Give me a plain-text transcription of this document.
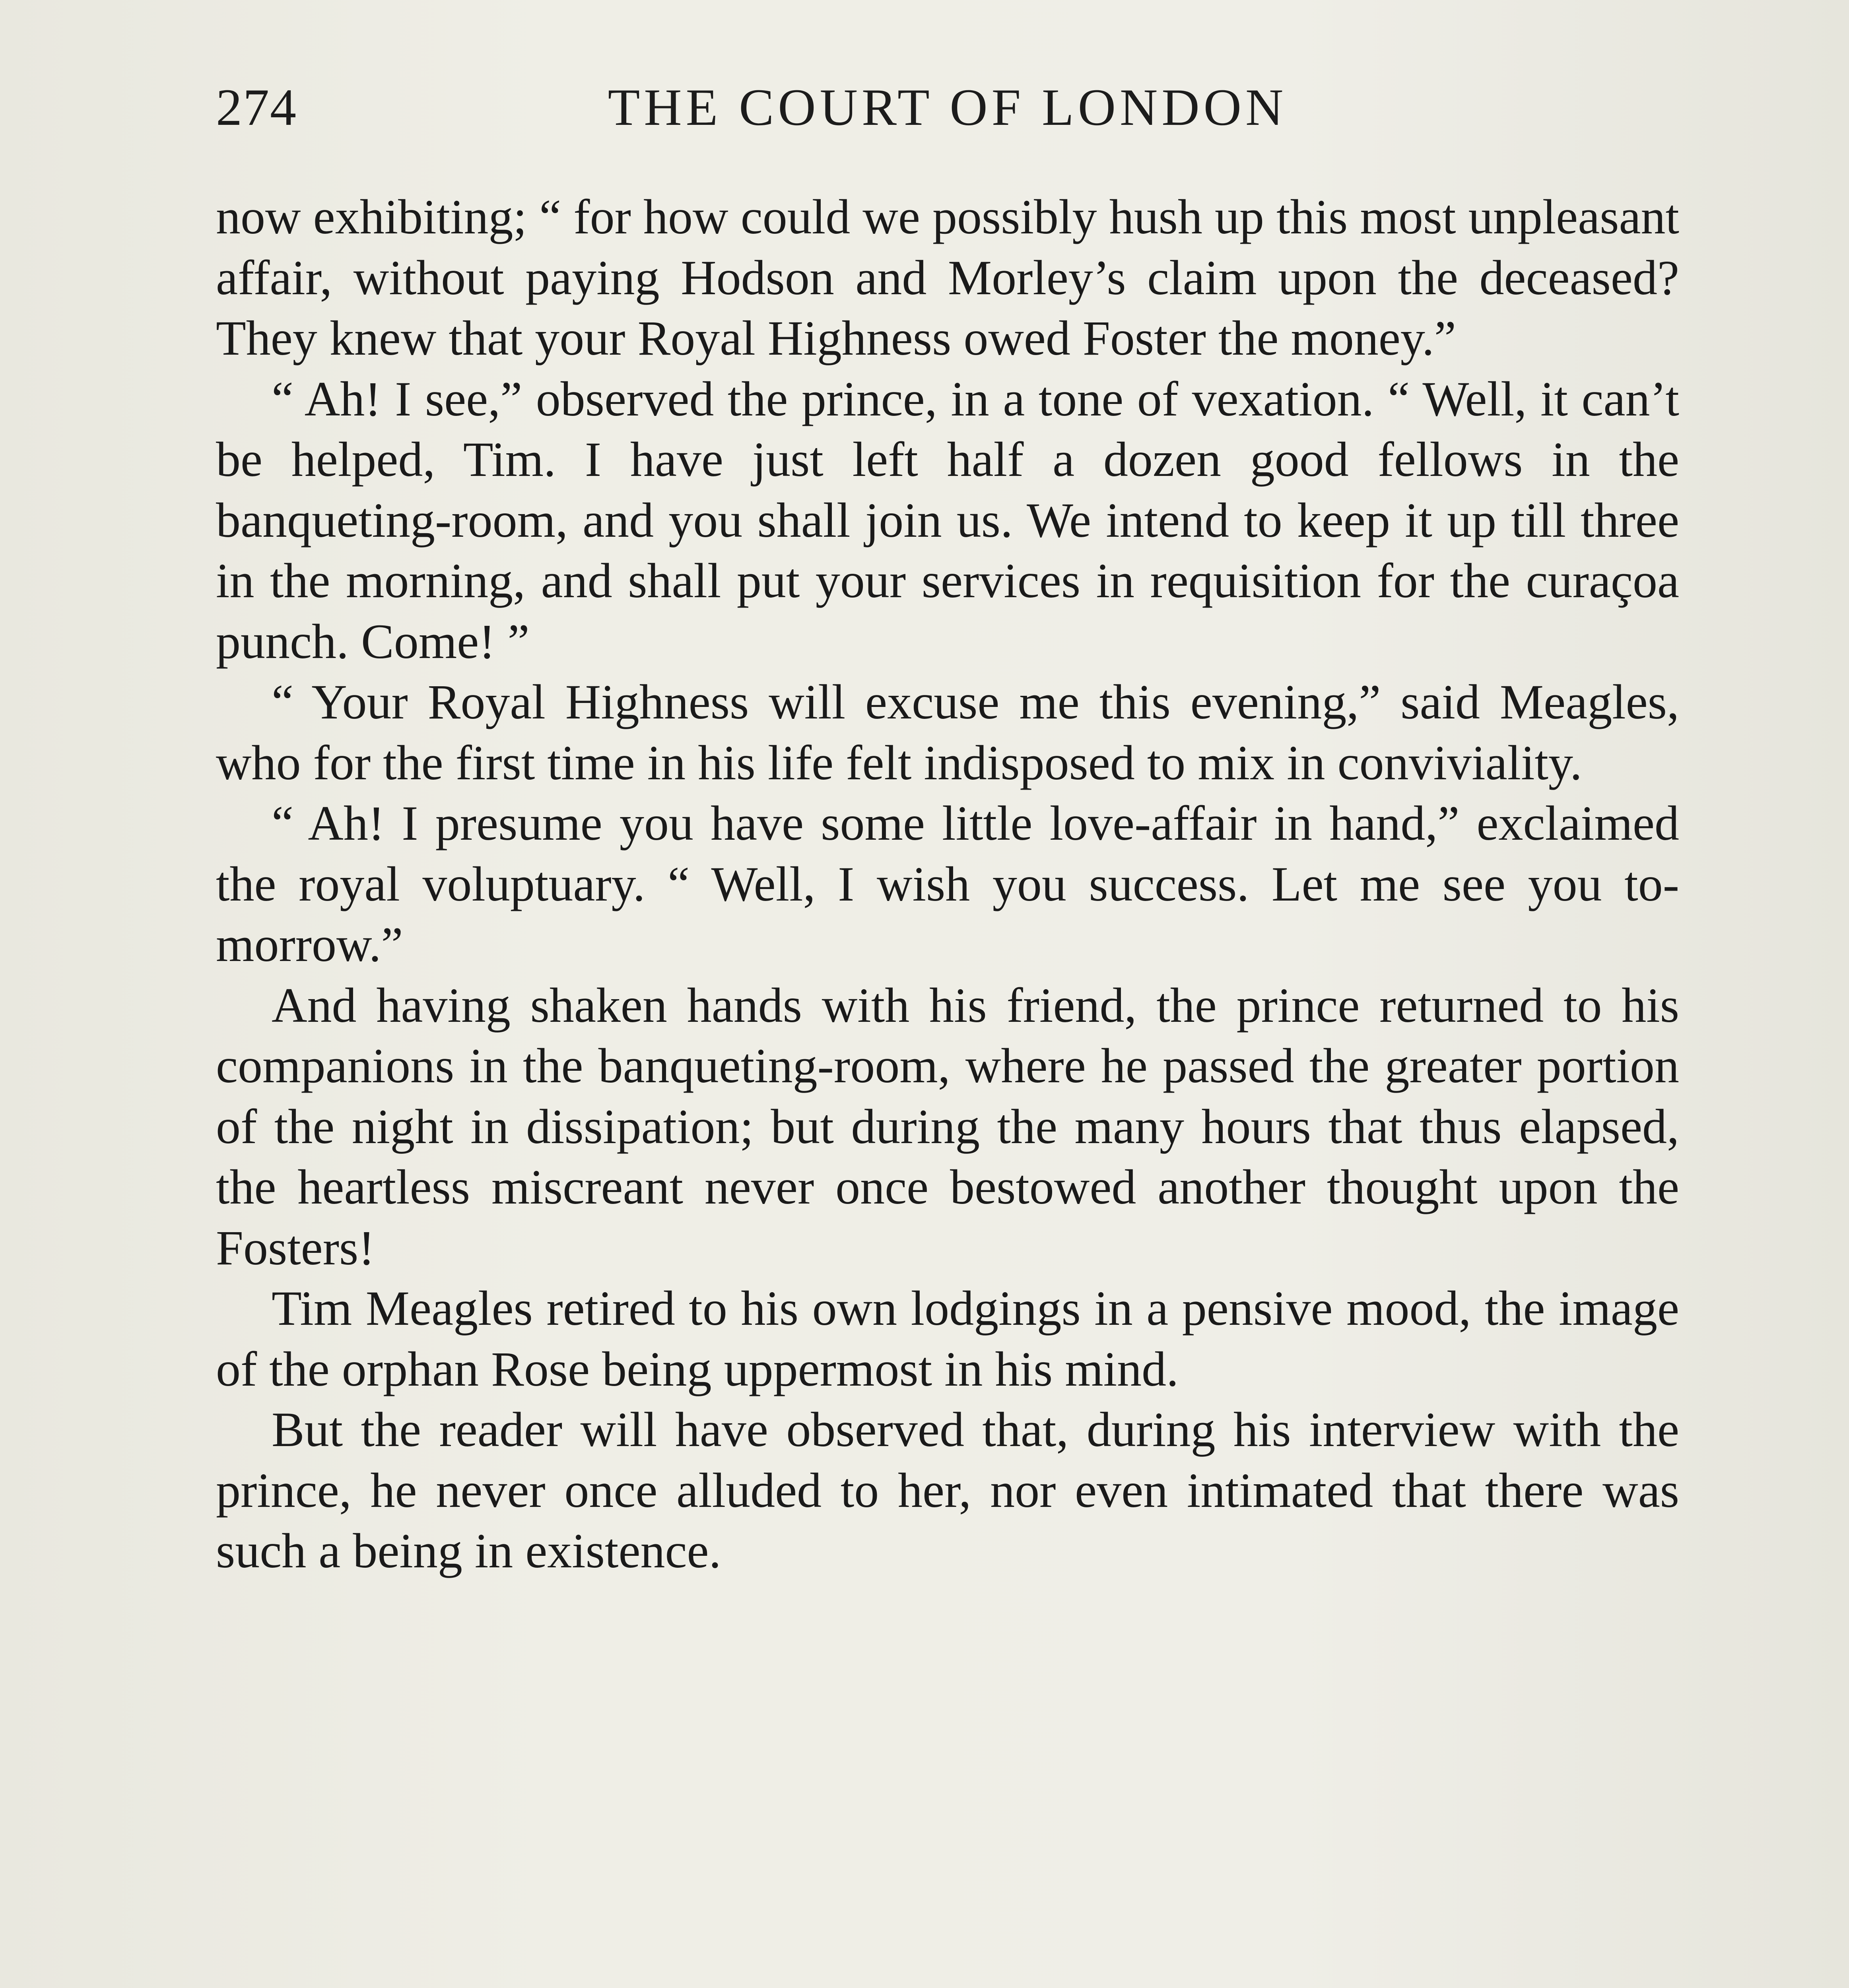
274	THE COURT OF LONDON

now exhibiting; “ for how could we possibly hush up this most unpleasant affair, without paying Hodson and Morley’s claim upon the deceased? They knew that your Royal Highness owed Foster the money.”

“ Ah! I see,” observed the prince, in a tone of vexation. “ Well, it can’t be helped, Tim. I have just left half a dozen good fellows in the banqueting-room, and you shall join us. We intend to keep it up till three in the morning, and shall put your services in requisition for the curaçoa punch. Come! ”

“ Your Royal Highness will excuse me this evening,” said Meagles, who for the first time in his life felt indisposed to mix in conviviality.

“ Ah! I presume you have some little love-affair in hand,” exclaimed the royal voluptuary. “ Well, I wish you success. Let me see you to-morrow.”

And having shaken hands with his friend, the prince returned to his companions in the banqueting-room, where he passed the greater portion of the night in dissipation; but during the many hours that thus elapsed, the heartless miscreant never once bestowed another thought upon the Fosters!

Tim Meagles retired to his own lodgings in a pensive mood, the image of the orphan Rose being uppermost in his mind.

But the reader will have observed that, during his interview with the prince, he never once alluded to her, nor even intimated that there was such a being in existence.
